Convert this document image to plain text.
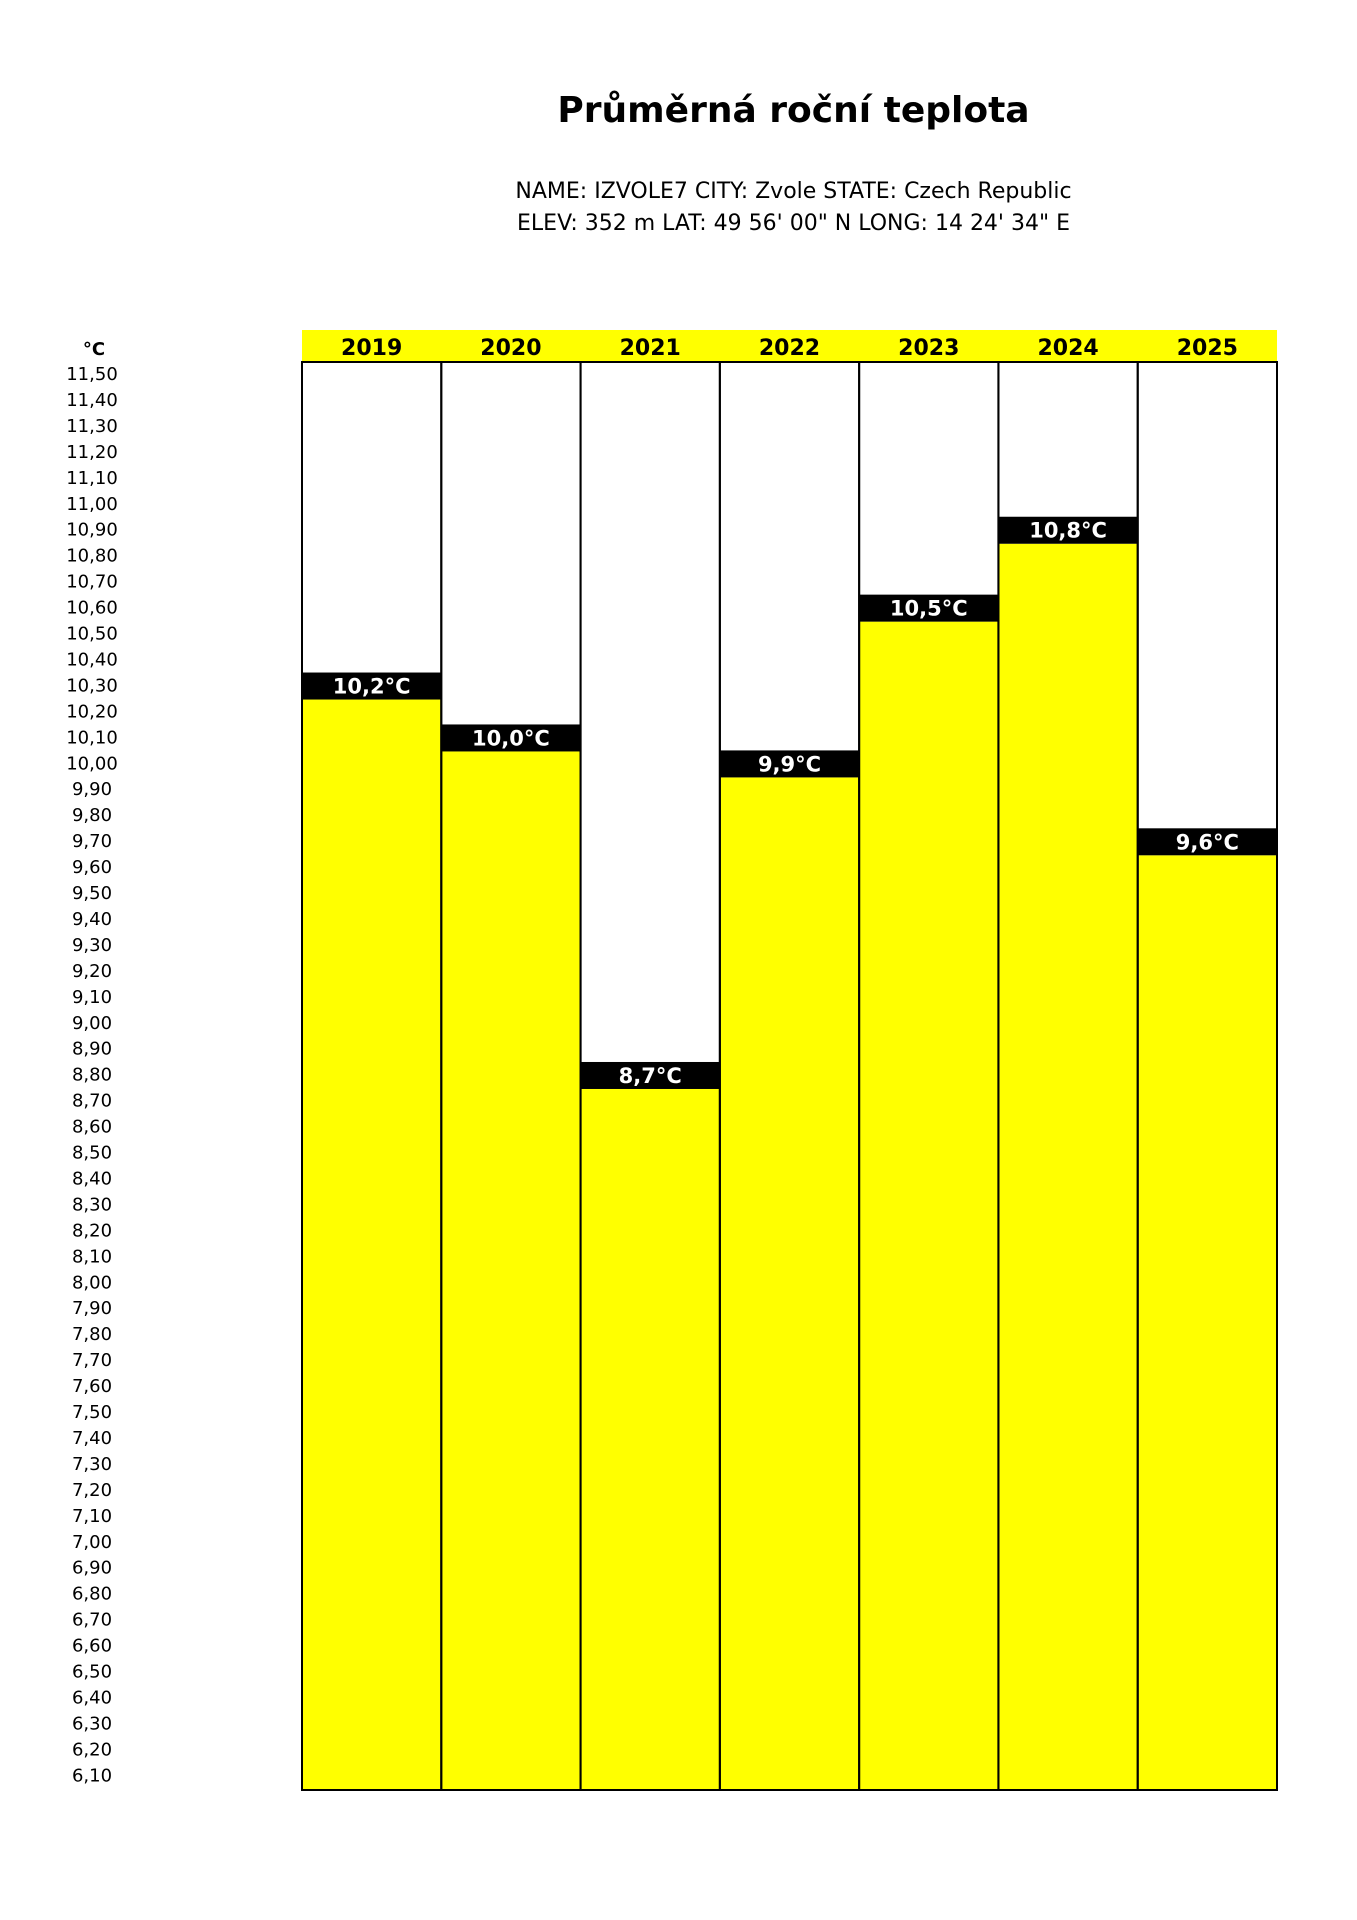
Průměrná roční teplota
NAME: IZVOLE7 CITY: Zvole STATE: Czech Republic
ELEV: 352 m LAT: 49 56' 00" N LONG: 14 24' 34" E
°C
11,50
11,40
11,30
11,20
11,10
11,00
10,90
10,80
10,70
10,60
10,50
10,40
10,30
10,20
10,10
10,00
9,90
9,80
9,70
9,60
9,50
9,40
9,30
9,20
9,10
9,00
8,90
8,80
8,70
8,60
8,50
8,40
8,30
8,20
8,10
8,00
7,90
7,80
7,70
7,60
7,50
7,40
7,30
7,20
7,10
7,00
6,90
6,80
6,70
6,60
6,50
6,40
6,30
6,20
6,10
2019	2020	2021	2022	2023	2024	2025
10,2°C
10,0°C
8,7°C
9,9°C
10,5°C
10,8°C
9,6°C
